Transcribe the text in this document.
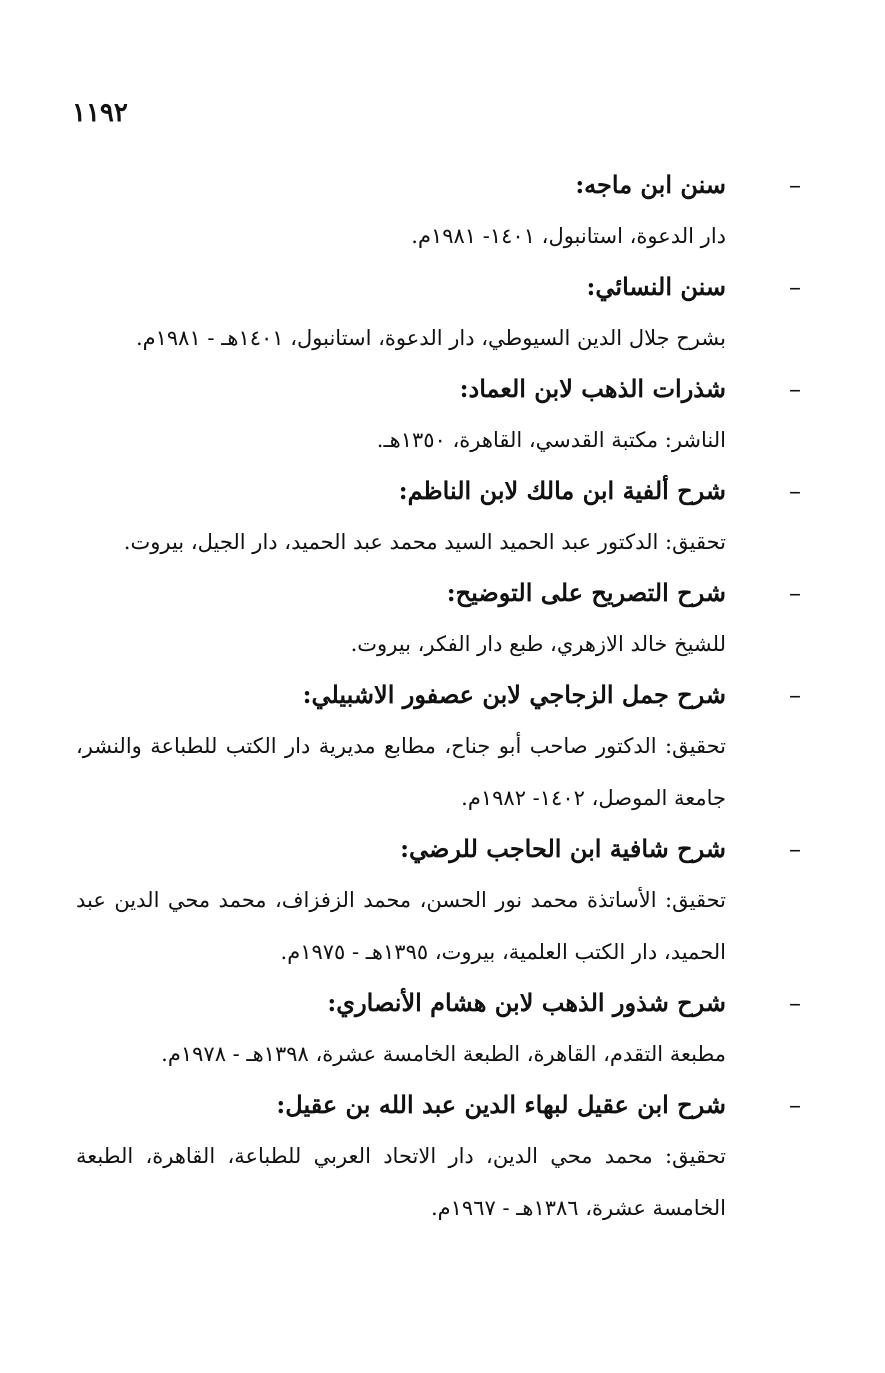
١١٩٢
–
سنن ابن ماجه:

دار الدعوة، استانبول، ١٤٠١- ١٩٨١م.

–
سنن النسائي:

بشرح جلال الدين السيوطي، دار الدعوة، استانبول، ١٤٠١هـ - ١٩٨١م.

–
شذرات الذهب لابن العماد:

الناشر: مكتبة القدسي، القاهرة، ١٣٥٠هـ.

–
شرح ألفية ابن مالك لابن الناظم:

تحقيق: الدكتور عبد الحميد السيد محمد عبد الحميد، دار الجيل، بيروت.

–
شرح التصريح على التوضيح:

للشيخ خالد الازهري، طبع دار الفكر، بيروت.

–
شرح جمل الزجاجي لابن عصفور الاشبيلي:

تحقيق: الدكتور صاحب أبو جناح، مطابع مديرية دار الكتب للطباعة والنشر، جامعة الموصل، ١٤٠٢- ١٩٨٢م.

–
شرح شافية ابن الحاجب للرضي:

تحقيق: الأساتذة محمد نور الحسن، محمد الزفزاف، محمد محي الدين عبد الحميد، دار الكتب العلمية، بيروت، ١٣٩٥هـ - ١٩٧٥م.

–
شرح شذور الذهب لابن هشام الأنصاري:

مطبعة التقدم، القاهرة، الطبعة الخامسة عشرة، ١٣٩٨هـ - ١٩٧٨م.

–
شرح ابن عقيل لبهاء الدين عبد الله بن عقيل:

تحقيق: محمد محي الدين، دار الاتحاد العربي للطباعة، القاهرة، الطبعة الخامسة عشرة، ١٣٨٦هـ - ١٩٦٧م.
